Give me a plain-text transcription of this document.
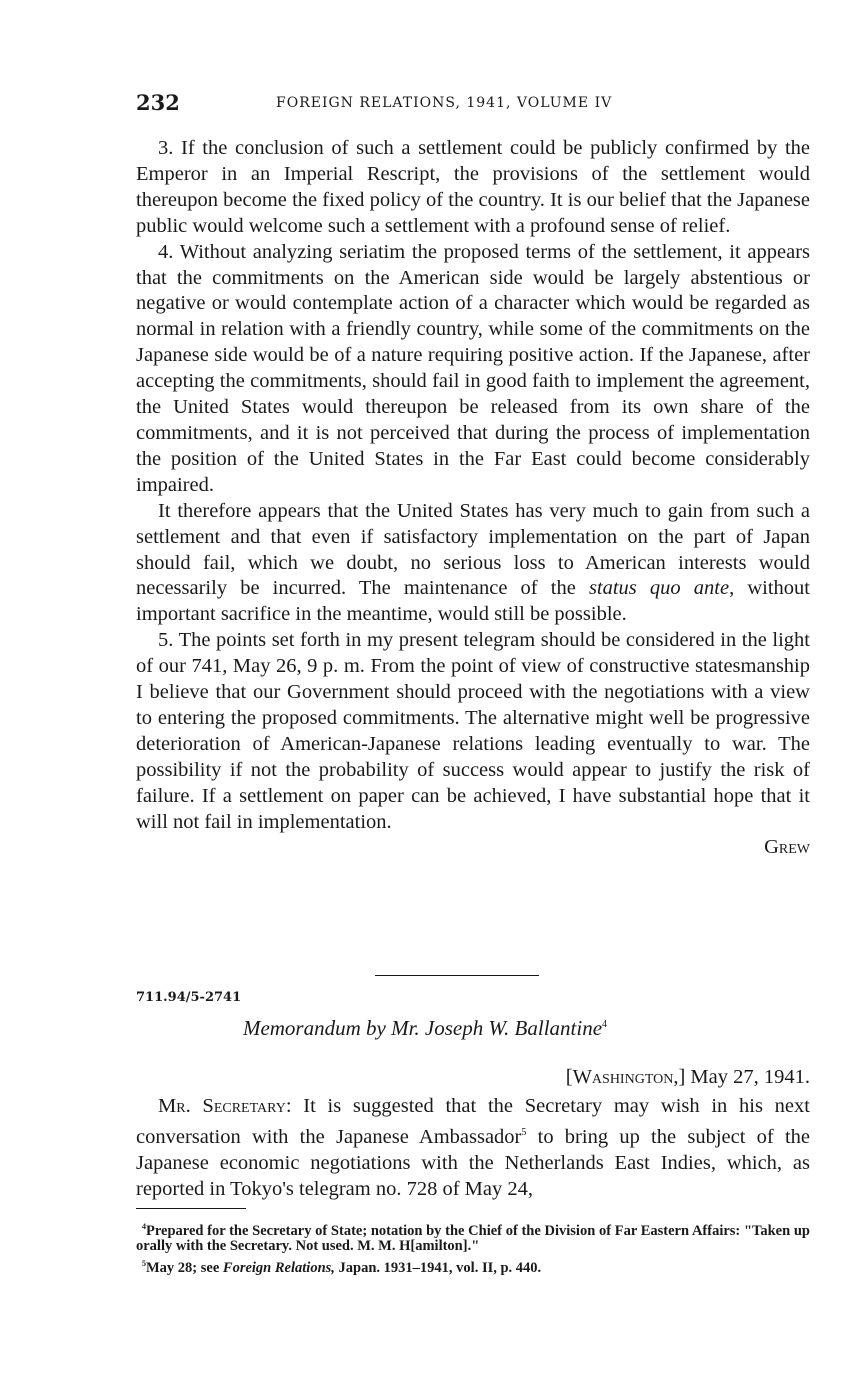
232	FOREIGN RELATIONS, 1941, VOLUME IV

3. If the conclusion of such a settlement could be publicly confirmed by the Emperor in an Imperial Rescript, the provisions of the settlement would thereupon become the fixed policy of the country. It is our belief that the Japanese public would welcome such a settlement with a profound sense of relief.

4. Without analyzing seriatim the proposed terms of the settlement, it appears that the commitments on the American side would be largely abstentious or negative or would contemplate action of a character which would be regarded as normal in relation with a friendly country, while some of the commitments on the Japanese side would be of a nature requiring positive action. If the Japanese, after accepting the commitments, should fail in good faith to implement the agreement, the United States would thereupon be released from its own share of the commitments, and it is not perceived that during the process of implementation the position of the United States in the Far East could become considerably impaired.

It therefore appears that the United States has very much to gain from such a settlement and that even if satisfactory implementation on the part of Japan should fail, which we doubt, no serious loss to American interests would necessarily be incurred. The maintenance of the status quo ante, without important sacrifice in the meantime, would still be possible.

5. The points set forth in my present telegram should be considered in the light of our 741, May 26, 9 p. m. From the point of view of constructive statesmanship I believe that our Government should proceed with the negotiations with a view to entering the proposed commitments. The alternative might well be progressive deterioration of American-Japanese relations leading eventually to war. The possibility if not the probability of success would appear to justify the risk of failure. If a settlement on paper can be achieved, I have substantial hope that it will not fail in implementation.

Grew
711.94/5-2741
Memorandum by Mr. Joseph W. Ballantine$^4$
[Washington,] May 27, 1941.

Mr. Secretary: It is suggested that the Secretary may wish in his next conversation with the Japanese Ambassador$^5$ to bring up the subject of the Japanese economic negotiations with the Netherlands East Indies, which, as reported in Tokyo's telegram no. 728 of May 24,

$^4$Prepared for the Secretary of State; notation by the Chief of the Division of Far Eastern Affairs: "Taken up orally with the Secretary. Not used. M. M. H[amilton]."

$^5$May 28; see Foreign Relations, Japan. 1931–1941, vol. II, p. 440.
